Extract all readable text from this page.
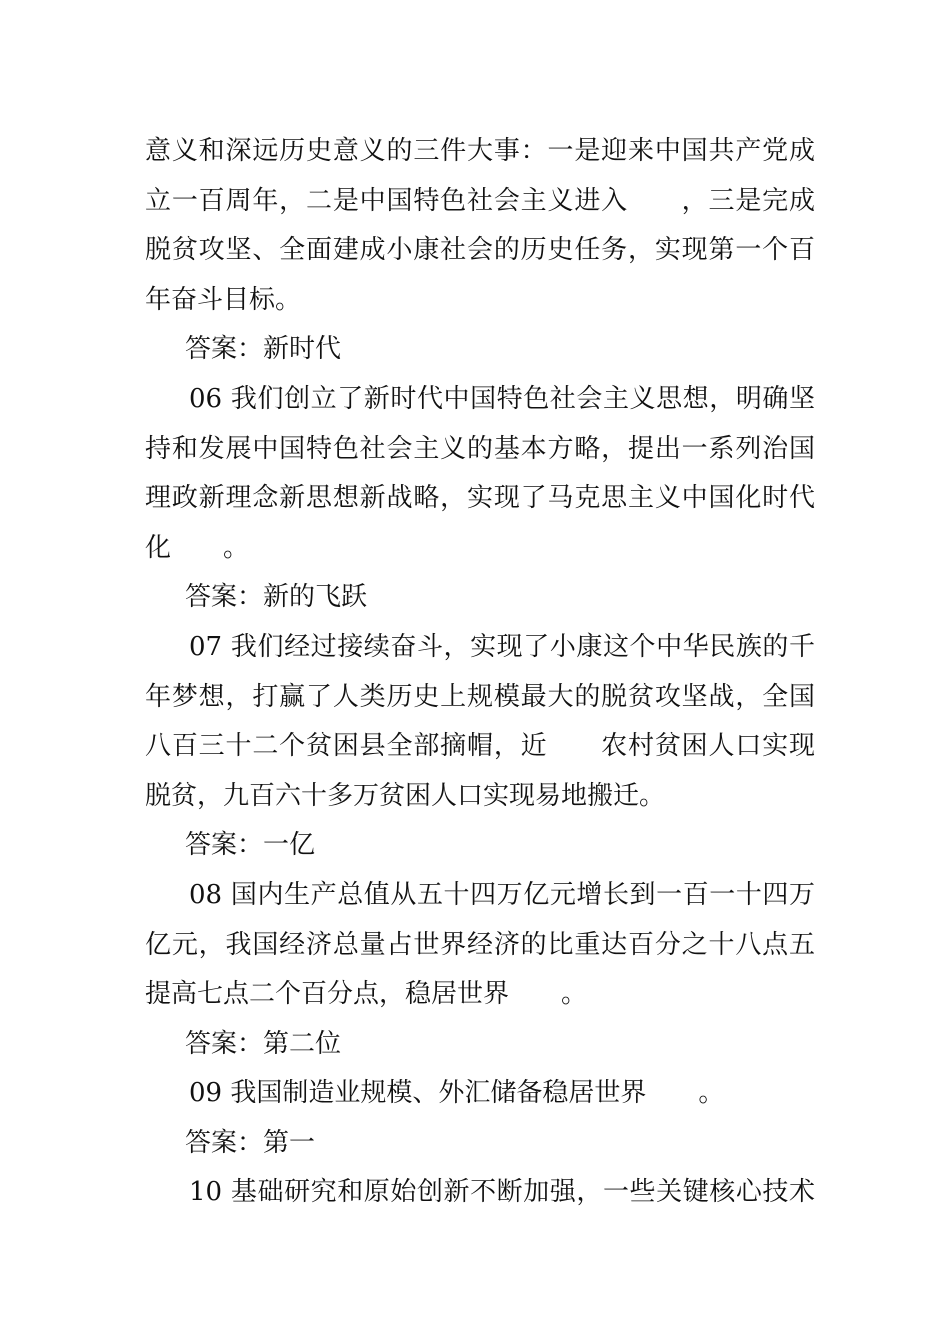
意义和深远历史意义的三件大事：一是迎来中国共产党成
立一百周年，二是中国特色社会主义进入　　，三是完成
脱贫攻坚、全面建成小康社会的历史任务，实现第一个百
年奋斗目标。
答案：新时代
06 我们创立了新时代中国特色社会主义思想，明确坚
持和发展中国特色社会主义的基本方略，提出一系列治国
理政新理念新思想新战略，实现了马克思主义中国化时代
化　　。
答案：新的飞跃
07 我们经过接续奋斗，实现了小康这个中华民族的千
年梦想，打赢了人类历史上规模最大的脱贫攻坚战，全国
八百三十二个贫困县全部摘帽，近　　农村贫困人口实现
脱贫，九百六十多万贫困人口实现易地搬迁。
答案：一亿
08 国内生产总值从五十四万亿元增长到一百一十四万
亿元，我国经济总量占世界经济的比重达百分之十八点五
提高七点二个百分点，稳居世界　　。
答案：第二位
09 我国制造业规模、外汇储备稳居世界　　。
答案：第一
10 基础研究和原始创新不断加强，一些关键核心技术
